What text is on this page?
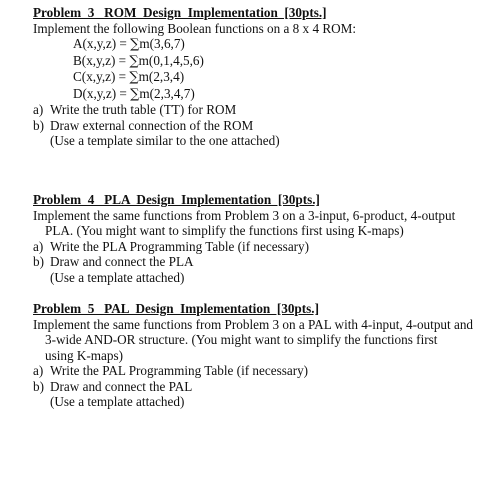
Problem  3   ROM  Design  Implementation  [30pts.]
Implement the following Boolean functions on a 8 x 4 ROM:
A(x,y,z) = ∑m(3,6,7)
B(x,y,z) = ∑m(0,1,4,5,6)
C(x,y,z) = ∑m(2,3,4)
D(x,y,z) = ∑m(2,3,4,7)
a) Write the truth table (TT) for ROM
b) Draw external connection of the ROM
(Use a template similar to the one attached)
Problem  4   PLA  Design  Implementation  [30pts.]
Implement the same functions from Problem 3 on a 3-input, 6-product, 4-output
PLA. (You might want to simplify the functions first using K-maps)
a) Write the PLA Programming Table (if necessary)
b) Draw and connect the PLA
(Use a template attached)
Problem  5   PAL  Design  Implementation  [30pts.]
Implement the same functions from Problem 3 on a PAL with 4-input, 4-output and
3-wide AND-OR structure. (You might want to simplify the functions first
using K-maps)
a) Write the PAL Programming Table (if necessary)
b) Draw and connect the PAL
(Use a template attached)
